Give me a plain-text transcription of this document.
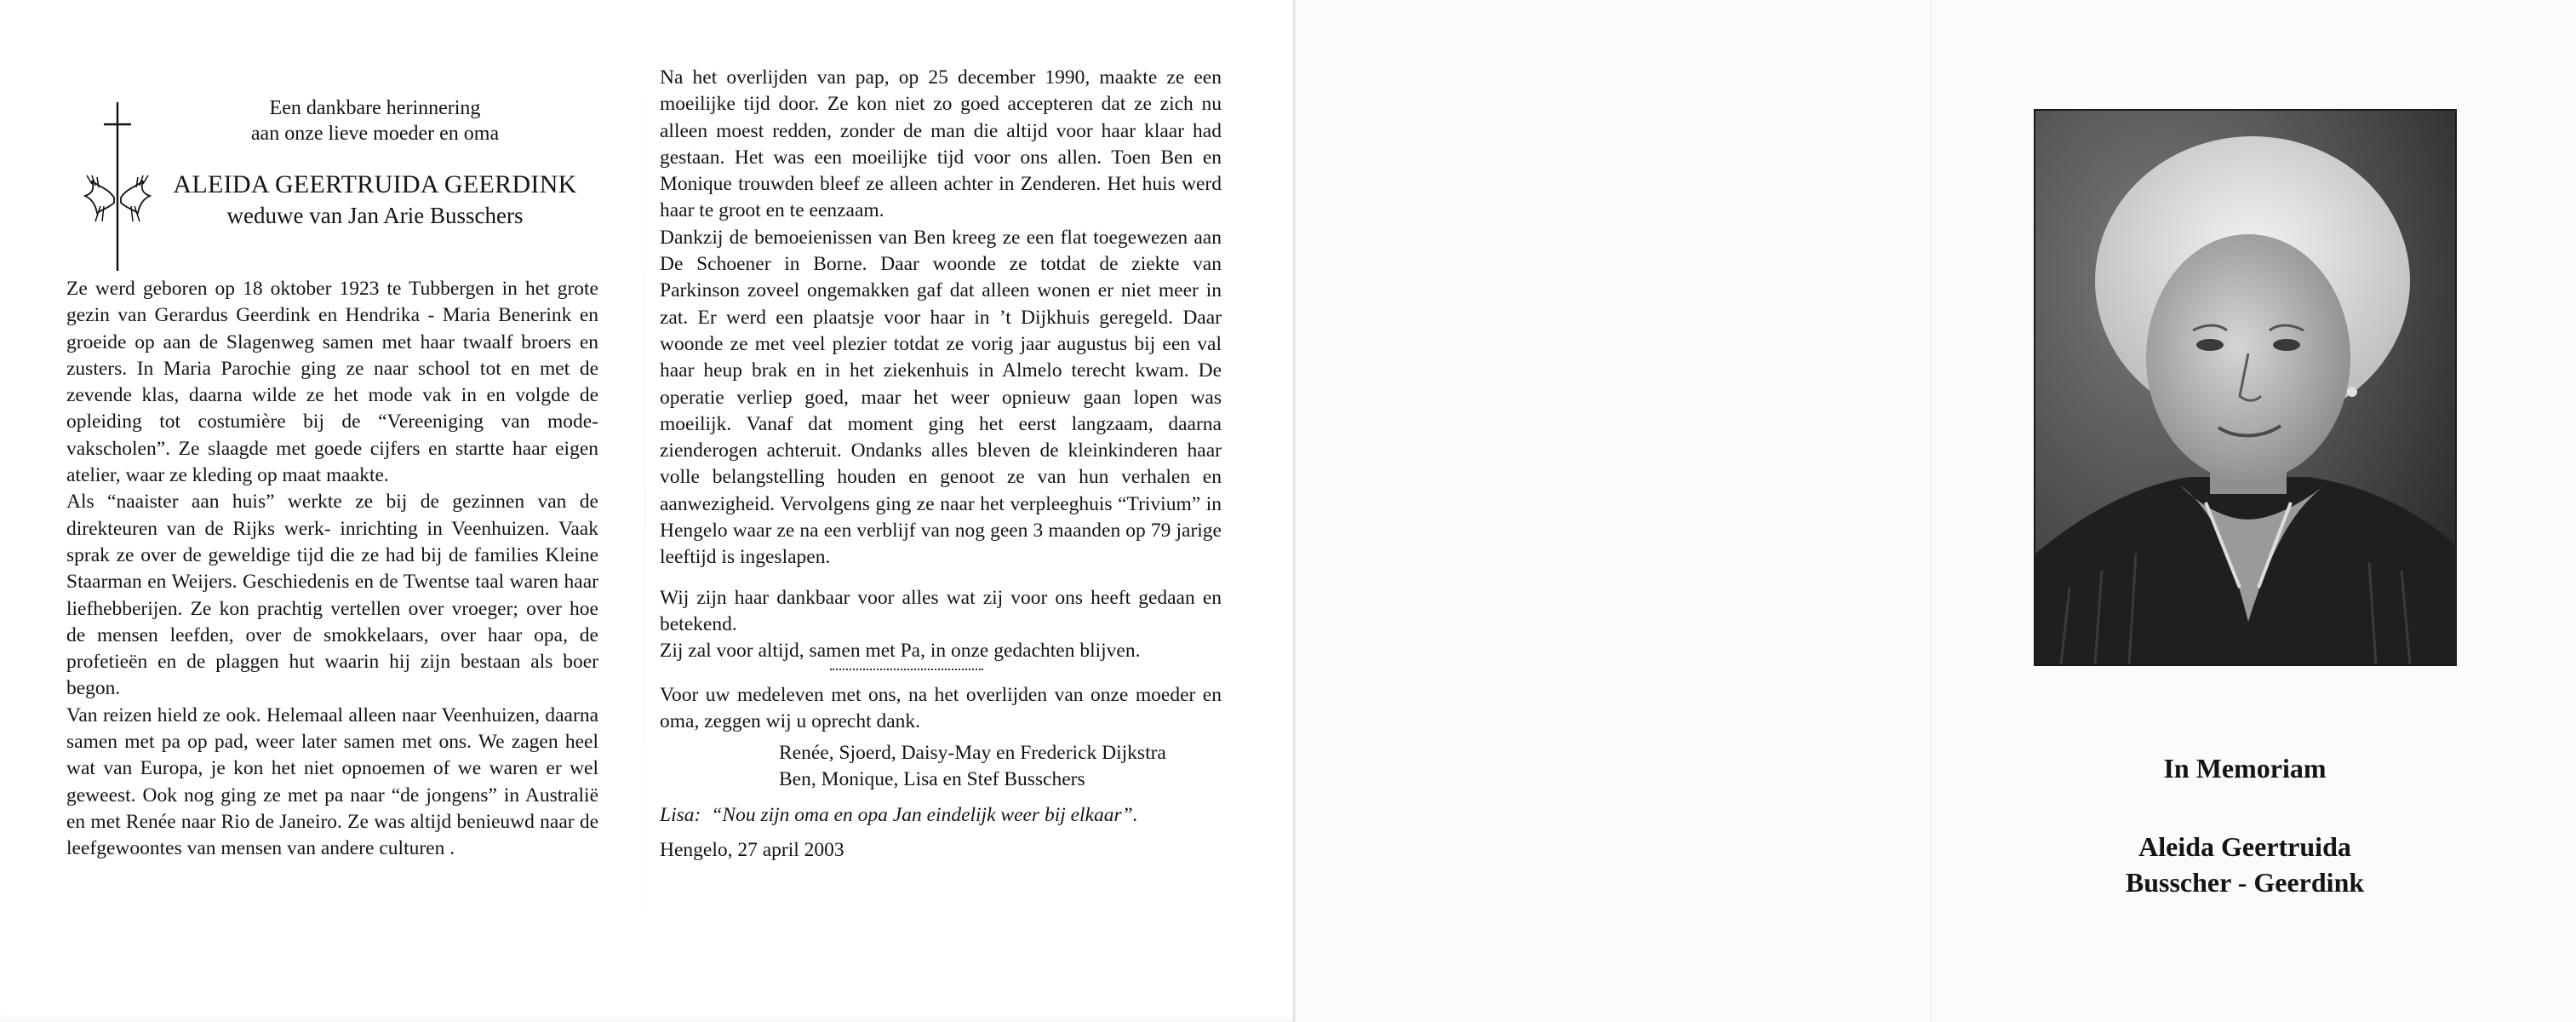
Een dankbare herinnering
aan onze lieve moeder en oma
ALEIDA GEERTRUIDA GEERDINK
weduwe van Jan Arie Busschers

Ze werd geboren op 18 oktober 1923 te Tubbergen in het grote gezin van Gerardus Geerdink en Hendrika - Maria Benerink en groeide op aan de Slagenweg samen met haar twaalf broers en zusters. In Maria Parochie ging ze naar school tot en met de zevende klas, daarna wilde ze het mode vak in en volgde de opleiding tot costumière bij de “Vereeniging van mode-vakscholen”. Ze slaagde met goede cijfers en startte haar eigen atelier, waar ze kleding op maat maakte.

Als “naaister aan huis” werkte ze bij de gezinnen van de direkteuren van de Rijks werk- inrichting in Veenhuizen. Vaak sprak ze over de geweldige tijd die ze had bij de families Kleine Staarman en Weijers. Geschiedenis en de Twentse taal waren haar liefhebberijen. Ze kon prachtig vertellen over vroeger; over hoe de mensen leefden, over de smokkelaars, over haar opa, de profetieën en de plaggen hut waarin hij zijn bestaan als boer begon.

Van reizen hield ze ook. Helemaal alleen naar Veenhuizen, daarna samen met pa op pad, weer later samen met ons. We zagen heel wat van Europa, je kon het niet opnoemen of we waren er wel geweest. Ook nog ging ze met pa naar “de jongens” in Australië en met Renée naar Rio de Janeiro. Ze was altijd benieuwd naar de leefgewoontes van mensen van andere culturen .

Na het overlijden van pap, op 25 december 1990, maakte ze een moeilijke tijd door. Ze kon niet zo goed accepteren dat ze zich nu alleen moest redden, zonder de man die altijd voor haar klaar had gestaan. Het was een moeilijke tijd voor ons allen. Toen Ben en Monique trouwden bleef ze alleen achter in Zenderen. Het huis werd haar te groot en te eenzaam.

Dankzij de bemoeienissen van Ben kreeg ze een flat toegewezen aan De Schoener in Borne. Daar woonde ze totdat de ziekte van Parkinson zoveel ongemakken gaf dat alleen wonen er niet meer in zat. Er werd een plaatsje voor haar in ’t Dijkhuis geregeld. Daar woonde ze met veel plezier totdat ze vorig jaar augustus bij een val haar heup brak en in het ziekenhuis in Almelo terecht kwam. De operatie verliep goed, maar het weer opnieuw gaan lopen was moeilijk. Vanaf dat moment ging het eerst langzaam, daarna zienderogen achteruit. Ondanks alles bleven de kleinkinderen haar volle belangstelling houden en genoot ze van hun verhalen en aanwezigheid. Vervolgens ging ze naar het verpleeghuis “Trivium” in Hengelo waar ze na een verblijf van nog geen 3 maanden op 79 jarige leeftijd is ingeslapen.

Wij zijn haar dankbaar voor alles wat zij voor ons heeft gedaan en betekend.

Zij zal voor altijd, samen met Pa, in onze gedachten blijven.

Voor uw medeleven met ons, na het overlijden van onze moeder en oma, zeggen wij u oprecht dank.

Renée, Sjoerd, Daisy-May en Frederick Dijkstra
Ben, Monique, Lisa en Stef Busschers
Lisa: “Nou zijn oma en opa Jan eindelijk weer bij elkaar”.
Hengelo, 27 april 2003
In Memoriam
Aleida Geertruida
Busscher - Geerdink
